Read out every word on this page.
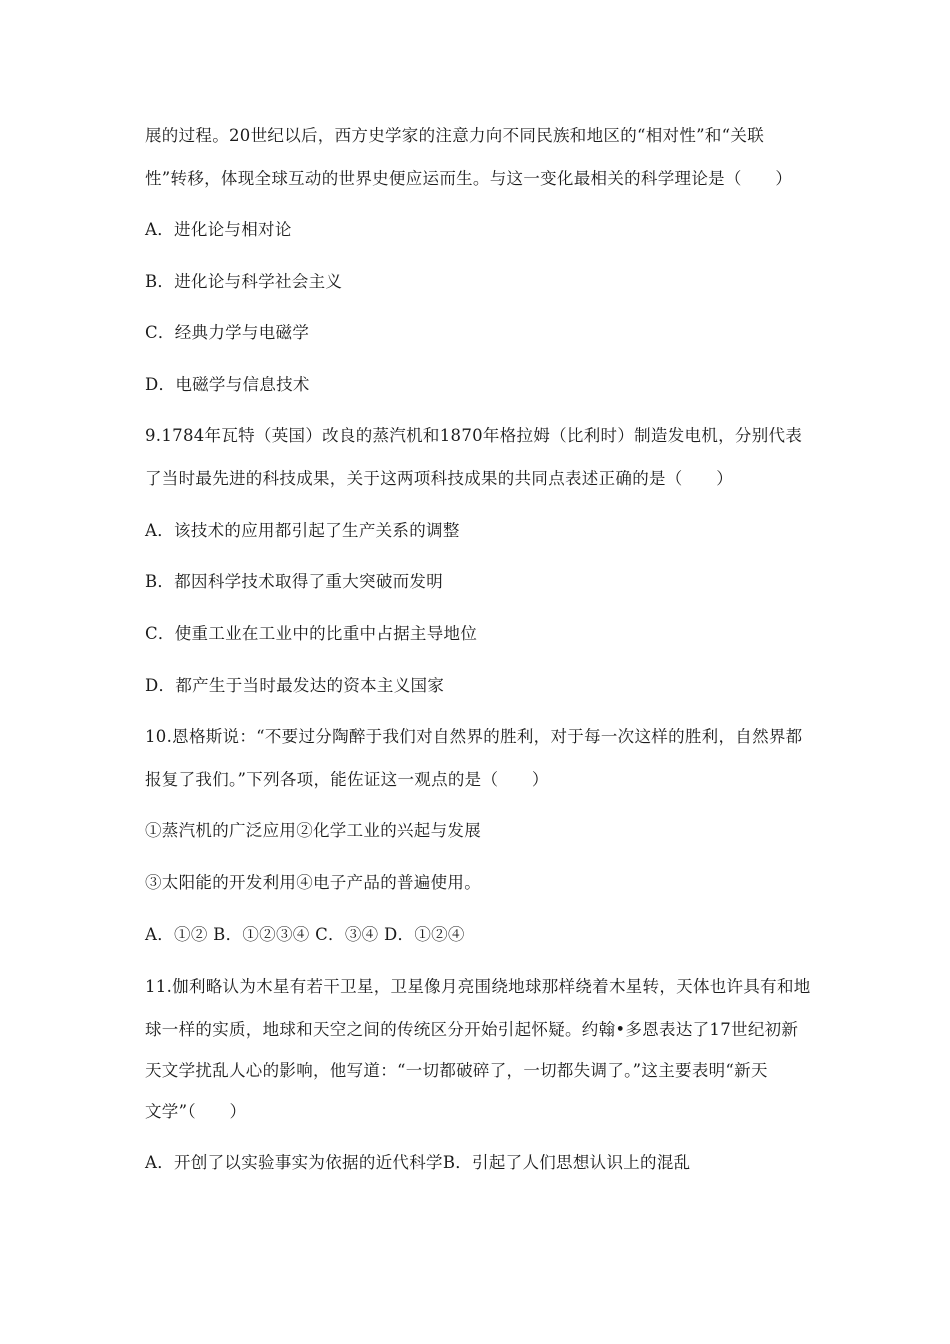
展的过程。20世纪以后，西方史学家的注意力向不同民族和地区的“相对性”和“关联
性”转移，体现全球互动的世界史便应运而生。与这一变化最相关的科学理论是（　　）
A．进化论与相对论
B．进化论与科学社会主义
C．经典力学与电磁学
D．电磁学与信息技术
9.1784年瓦特（英国）改良的蒸汽机和1870年格拉姆（比利时）制造发电机，分别代表
了当时最先进的科技成果，关于这两项科技成果的共同点表述正确的是（　　）
A．该技术的应用都引起了生产关系的调整
B．都因科学技术取得了重大突破而发明
C．使重工业在工业中的比重中占据主导地位
D．都产生于当时最发达的资本主义国家
10.恩格斯说：“不要过分陶醉于我们对自然界的胜利，对于每一次这样的胜利，自然界都
报复了我们。”下列各项，能佐证这一观点的是（　　）
①蒸汽机的广泛应用②化学工业的兴起与发展
③太阳能的开发利用④电子产品的普遍使用。
A．①② B．①②③④ C．③④ D．①②④
11.伽利略认为木星有若干卫星，卫星像月亮围绕地球那样绕着木星转，天体也许具有和地
球一样的实质，地球和天空之间的传统区分开始引起怀疑。约翰•多恩表达了17世纪初新
天文学扰乱人心的影响，他写道：“一切都破碎了，一切都失调了。”这主要表明“新天
文学”（　　）
A．开创了以实验事实为依据的近代科学B．引起了人们思想认识上的混乱
